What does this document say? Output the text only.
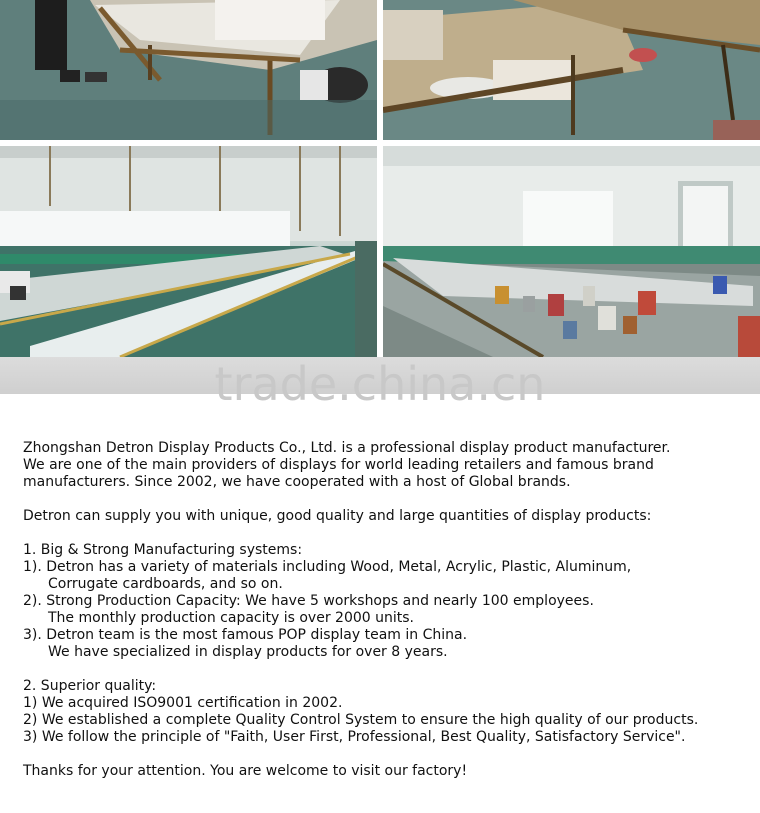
trade.china.cn

Zhongshan Detron Display Products Co., Ltd. is a professional display product manufacturer.
We are one of the main providers of displays for world leading retailers and famous brand
manufacturers. Since 2002, we have cooperated with a host of Global brands.

Detron can supply you with unique, good quality and large quantities of display products:

1. Big & Strong Manufacturing systems:
1). Detron has a variety of materials including Wood, Metal, Acrylic, Plastic, Aluminum,
Corrugate cardboards, and so on.
2). Strong Production Capacity: We have 5 workshops and nearly 100 employees.
The monthly production capacity is over 2000 units.
3). Detron team is the most famous POP display team in China.
We have specialized in display products for over 8 years.

2. Superior quality:
1) We acquired ISO9001 certification in 2002.
2) We established a complete Quality Control System to ensure the high quality of our products.
3) We follow the principle of "Faith, User First, Professional, Best Quality, Satisfactory Service".

Thanks for your attention. You are welcome to visit our factory!
